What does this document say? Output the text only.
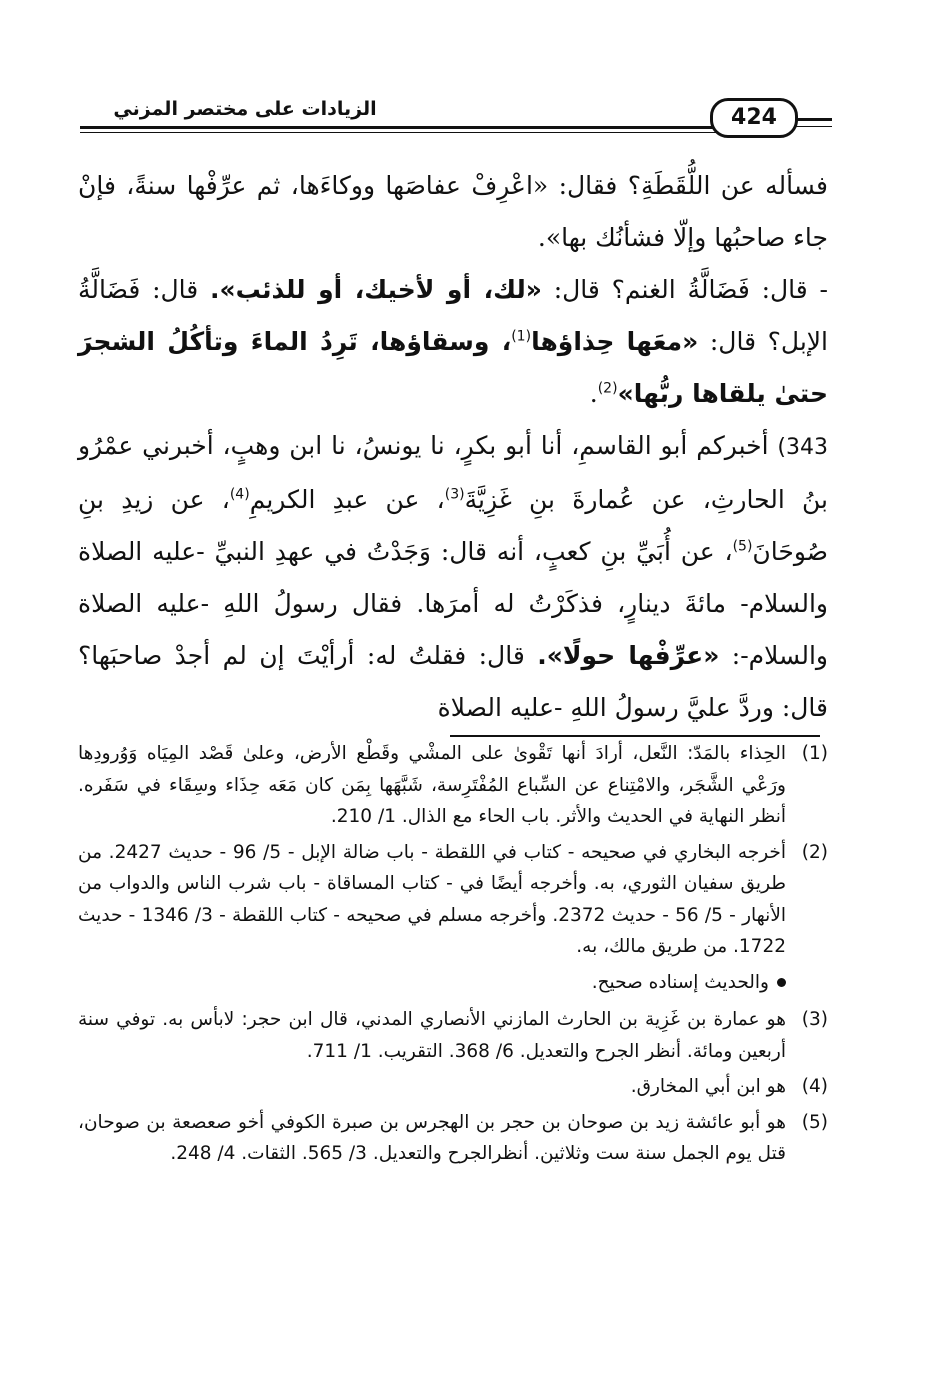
الزيادات على مختصر المزني	424

فسأله عن اللُّقَطَةِ؟ فقال: «اعْرِفْ عفاصَها ووكاءَها، ثم عرِّفْها سنةً، فإنْ جاء صاحبُها وإلّا فشأنُك بها».

- قال: فَضَالَّةُ الغنم؟ قال: «لك، أو لأخيك، أو للذئب». قال: فَضَالَّةُ الإبل؟ قال: «معَها حِذاؤها$^{(1)}$، وسقاؤها، تَرِدُ الماءَ وتأكُلُ الشجرَ حتىٰ يلقاها ربُّها»$^{(2)}$.

343) أخبركم أبو القاسمِ، أنا أبو بكرٍ، نا يونسُ، نا ابن وهبٍ، أخبرني عمْرُو بنُ الحارثِ، عن عُمارةَ بنِ غَزِيَّةَ$^{(3)}$، عن عبدِ الكريمِ$^{(4)}$، عن زيدِ بنِ صُوحَانَ$^{(5)}$، عن أُبَيِّ بنِ كعبٍ، أنه قال: وَجَدْتُ في عهدِ النبيِّ -عليه الصلاة والسلام- مائةَ دينارٍ، فذكَرْتُ له أمرَها. فقال رسولُ اللهِ -عليه الصلاة والسلام-: «عرِّفْها حولًا». قال: فقلتُ له: أرأيْتَ إن لم أجدْ صاحبَها؟ قال: وردَّ عليَّ رسولُ اللهِ -عليه الصلاة

(1)
الحِذاء بالمَدّ: النَّعل، أرادَ أنها تَقْوىٰ على المشْي وقَطْع الأرض، وعلىٰ قَصْد المِيَاه وَوُرودِها ورَعْي الشَّجَر، والامْتِناع عن السِّباع المُفْتَرِسة، شَبَّهَها بِمَن كان مَعَه حِذَاء وسِقَاء في سَفَره. أنظر النهاية في الحديث والأثر. باب الحاء مع الذال. 1/ 210.
(2)
أخرجه البخاري في صحيحه - كتاب في اللقطة - باب ضالة الإبل - 5/ 96 - حديث 2427. من طريق سفيان الثوري، به. وأخرجه أيضًا في - كتاب المساقاة - باب شرب الناس والدواب من الأنهار - 5/ 56 - حديث 2372. وأخرجه مسلم في صحيحه - كتاب اللقطة - 3/ 1346 - حديث 1722. من طريق مالك، به.
والحديث إسناده صحيح.
(3)
هو عمارة بن غَزِية بن الحارث المازني الأنصاري المدني، قال ابن حجر: لابأس به. توفي سنة أربعين ومائة. أنظر الجرح والتعديل. 6/ 368. التقريب. 1/ 711.
(4)
هو ابن أبي المخارق.
(5)
هو أبو عائشة زيد بن صوحان بن حجر بن الهجرس بن صبرة الكوفي أخو صعصعة بن صوحان، قتل يوم الجمل سنة ست وثلاثين. أنظرالجرح والتعديل. 3/ 565. الثقات. 4/ 248.
